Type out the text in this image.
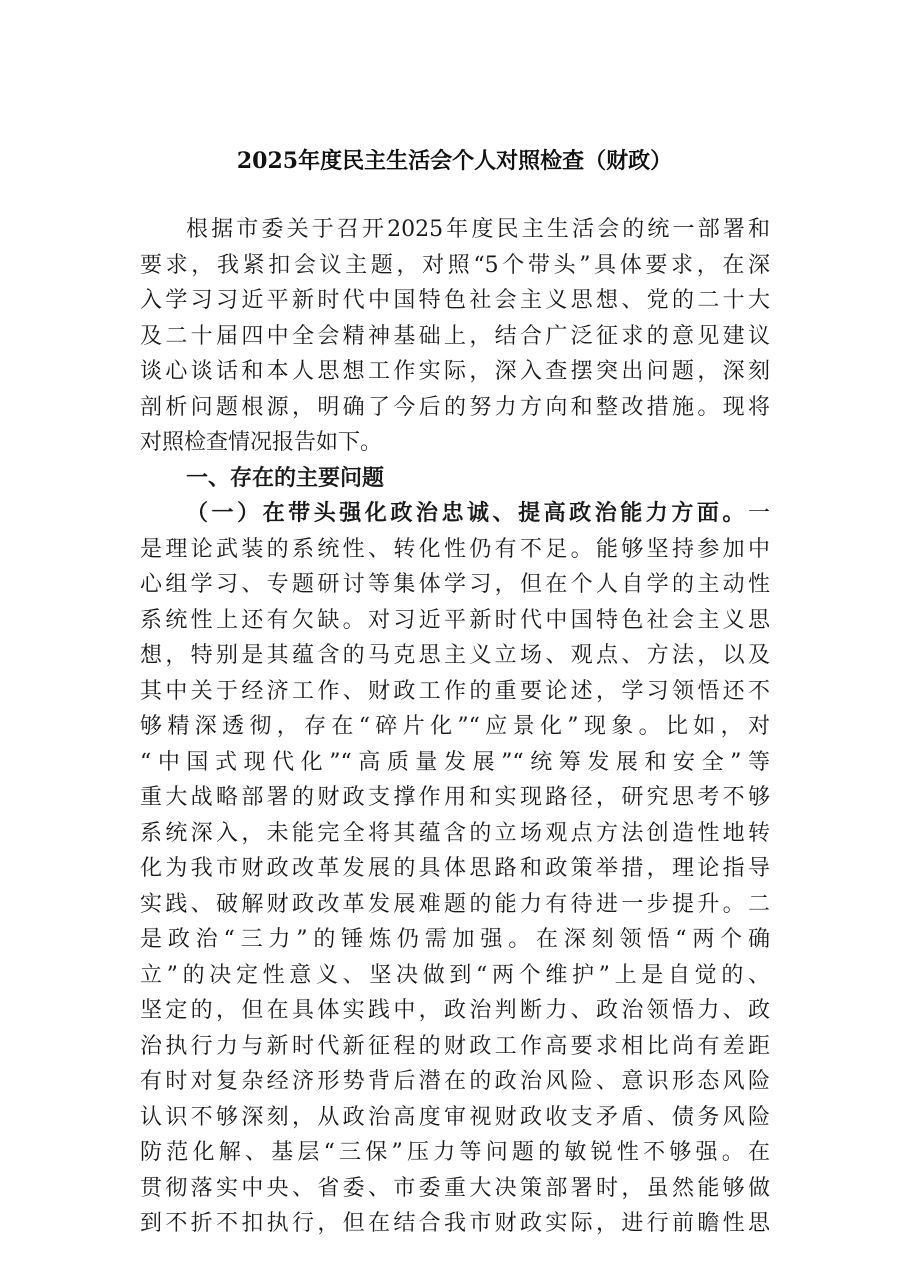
2025年度民主生活会个人对照检查（财政）
根据市委关于召开2025年度民主生活会的统一部署和
要求，我紧扣会议主题，对照“5个带头”具体要求，在深
入学习习近平新时代中国特色社会主义思想、党的二十大
及二十届四中全会精神基础上，结合广泛征求的意见建议
谈心谈话和本人思想工作实际，深入查摆突出问题，深刻
剖析问题根源，明确了今后的努力方向和整改措施。现将
对照检查情况报告如下。
一、存在的主要问题
（一）在带头强化政治忠诚、提高政治能力方面。一
是理论武装的系统性、转化性仍有不足。能够坚持参加中
心组学习、专题研讨等集体学习，但在个人自学的主动性
系统性上还有欠缺。对习近平新时代中国特色社会主义思
想，特别是其蕴含的马克思主义立场、观点、方法，以及
其中关于经济工作、财政工作的重要论述，学习领悟还不
够精深透彻，存在“碎片化”“应景化”现象。比如，对
“中国式现代化”“高质量发展”“统筹发展和安全”等
重大战略部署的财政支撑作用和实现路径，研究思考不够
系统深入，未能完全将其蕴含的立场观点方法创造性地转
化为我市财政改革发展的具体思路和政策举措，理论指导
实践、破解财政改革发展难题的能力有待进一步提升。二
是政治“三力”的锤炼仍需加强。在深刻领悟“两个确
立”的决定性意义、坚决做到“两个维护”上是自觉的、
坚定的，但在具体实践中，政治判断力、政治领悟力、政
治执行力与新时代新征程的财政工作高要求相比尚有差距
有时对复杂经济形势背后潜在的政治风险、意识形态风险
认识不够深刻，从政治高度审视财政收支矛盾、债务风险
防范化解、基层“三保”压力等问题的敏锐性不够强。在
贯彻落实中央、省委、市委重大决策部署时，虽然能够做
到不折不扣执行，但在结合我市财政实际，进行前瞻性思
